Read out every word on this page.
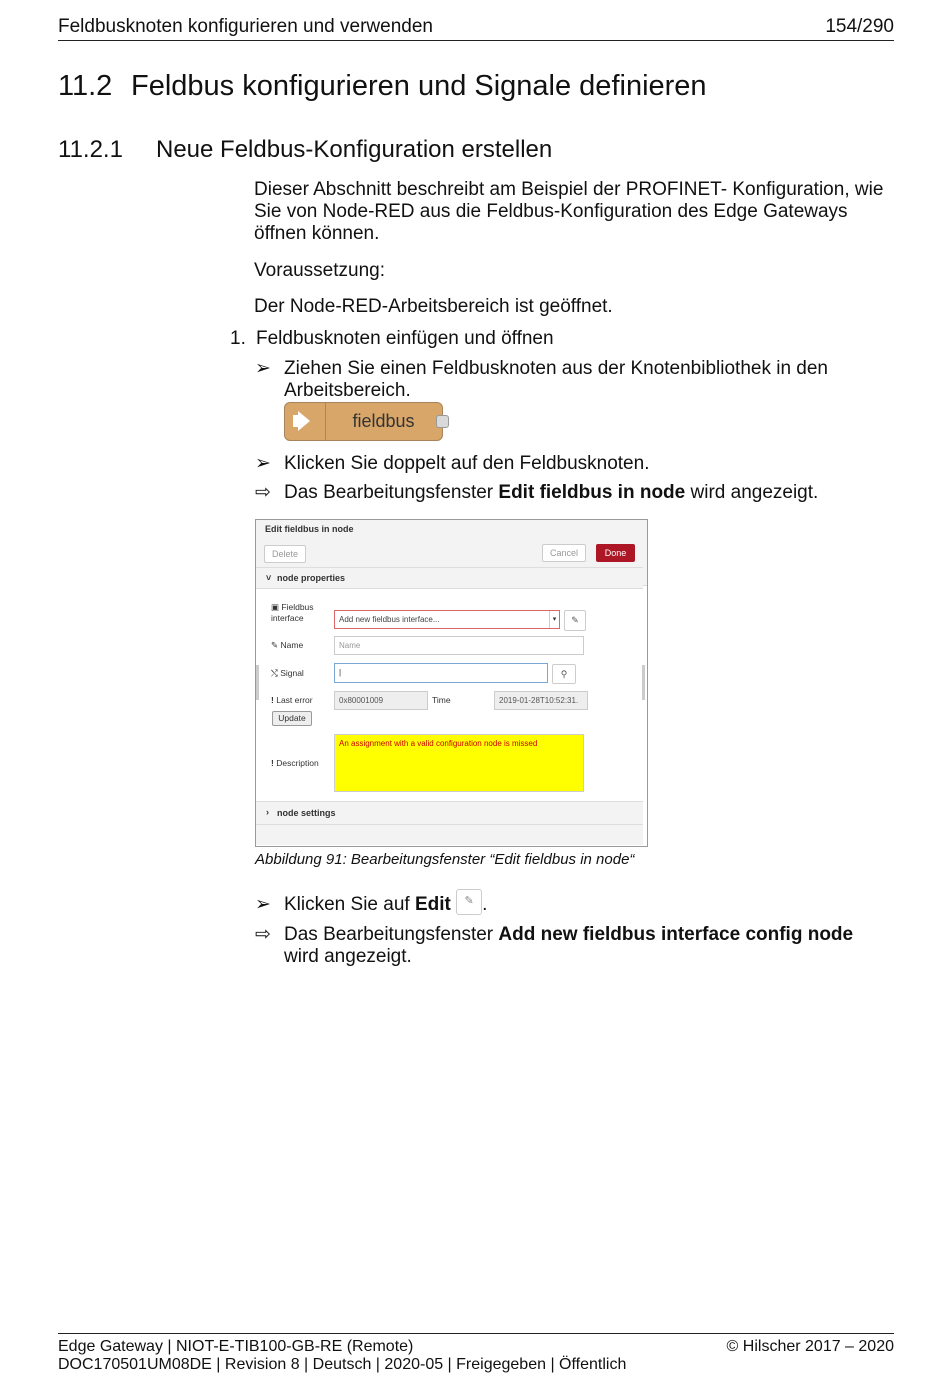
Feldbusknoten konfigurieren und verwenden	154/290
11.2 Feldbus konfigurieren und Signale definieren
11.2.1 Neue Feldbus-Konfiguration erstellen
Dieser Abschnitt beschreibt am Beispiel der PROFINET- Konfiguration, wie Sie von Node-RED aus die Feldbus-Konfiguration des Edge Gateways öffnen können.
Voraussetzung:
Der Node-RED-Arbeitsbereich ist geöffnet.
1. Feldbusknoten einfügen und öffnen
➢ Ziehen Sie einen Feldbusknoten aus der Knotenbibliothek in den
Arbeitsbereich.
fieldbus
➢ Klicken Sie doppelt auf den Feldbusknoten.
⇨ Das Bearbeitungsfenster Edit fieldbus in node wird angezeigt.
Edit fieldbus in node
Delete	Cancel	Done
˅ node properties
▣ Fieldbus
interface	Add new fieldbus interface...	▾	✎
✎ Name	Name
⤭ Signal	|	⚲
! Last error	0x80001009	Time	2019-01-28T10:52:31.
Update
! Description
An assignment with a valid configuration node is missed
› node settings
Abbildung 91: Bearbeitungsfenster “Edit fieldbus in node“
➢ Klicken Sie auf Edit ✎ .
⇨ Das Bearbeitungsfenster Add new fieldbus interface config node
wird angezeigt.
Edge Gateway | NIOT-E-TIB100-GB-RE (Remote)	© Hilscher 2017 – 2020
DOC170501UM08DE | Revision 8 | Deutsch | 2020-05 | Freigegeben | Öffentlich
